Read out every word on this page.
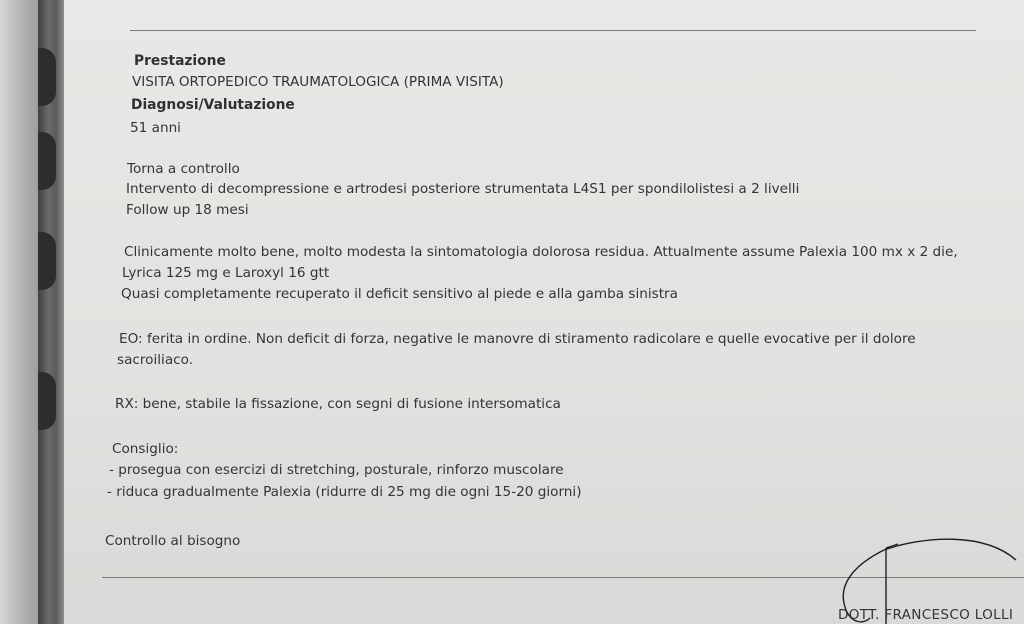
Prestazione
VISITA ORTOPEDICO TRAUMATOLOGICA (PRIMA VISITA)
Diagnosi/Valutazione
51 anni
Torna a controllo
Intervento di decompressione e artrodesi posteriore strumentata L4S1 per spondilolistesi a 2 livelli
Follow up 18 mesi
Clinicamente molto bene, molto modesta la sintomatologia dolorosa residua. Attualmente assume Palexia 100 mx x 2 die,
Lyrica 125 mg e Laroxyl 16 gtt
Quasi completamente recuperato il deficit sensitivo al piede e alla gamba sinistra
EO: ferita in ordine. Non deficit di forza, negative le manovre di stiramento radicolare e quelle evocative per il dolore
sacroiliaco.
RX: bene, stabile la fissazione, con segni di fusione intersomatica
Consiglio:
- prosegua con esercizi di stretching, posturale, rinforzo muscolare
- riduca gradualmente Palexia (ridurre di 25 mg die ogni 15-20 giorni)
Controllo al bisogno
DOTT. FRANCESCO LOLLI
